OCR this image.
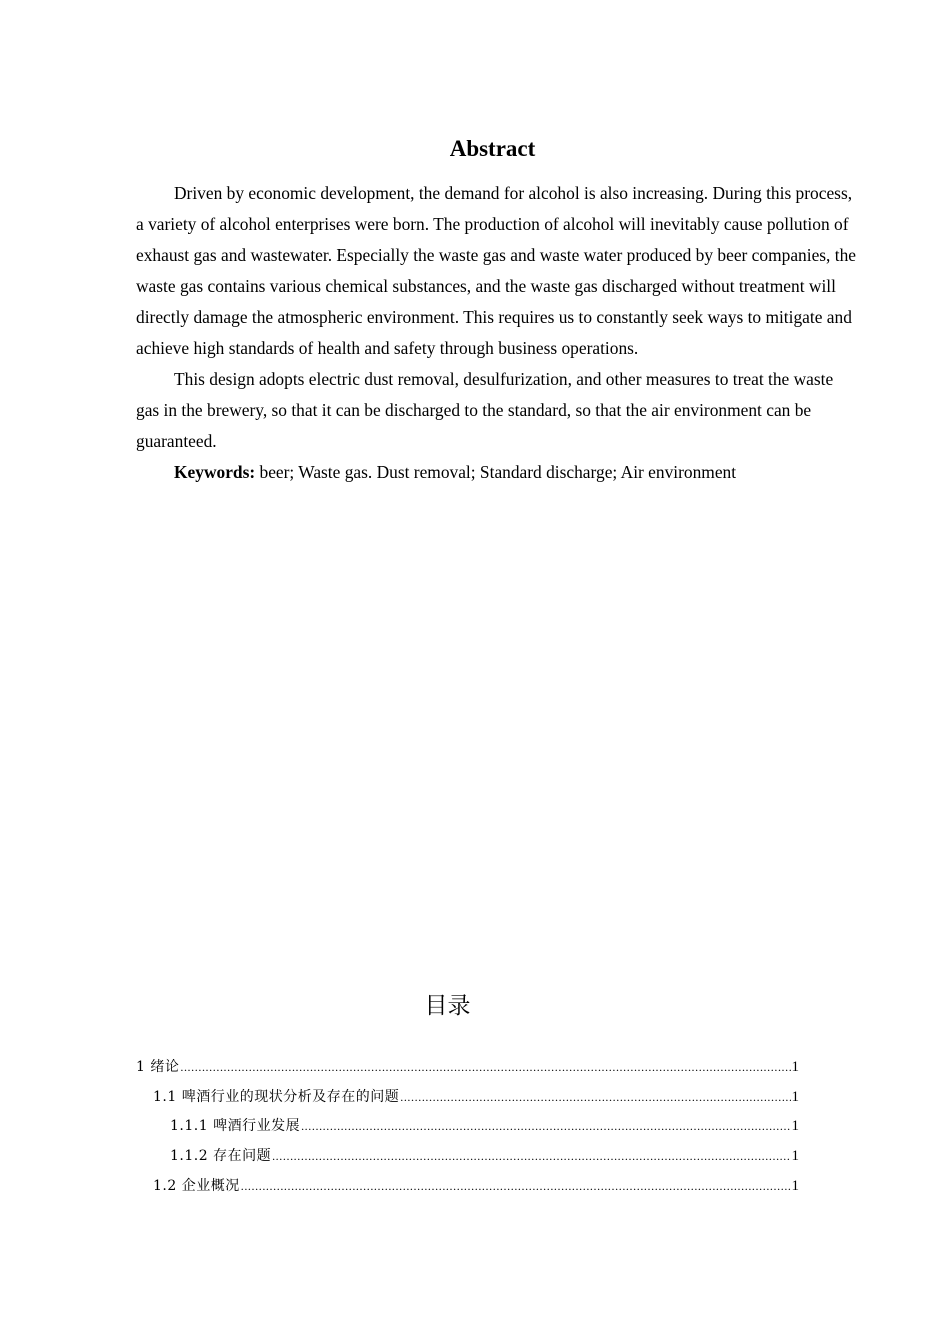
Abstract

Driven by economic development, the demand for alcohol is also increasing. During this process, a variety of alcohol enterprises were born. The production of alcohol will inevitably cause pollution of exhaust gas and wastewater. Especially the waste gas and waste water produced by beer companies, the waste gas contains various chemical substances, and the waste gas discharged without treatment will directly damage the atmospheric environment. This requires us to constantly seek ways to mitigate and achieve high standards of health and safety through business operations.

This design adopts electric dust removal, desulfurization, and other measures to treat the waste gas in the brewery, so that it can be discharged to the standard, so that the air environment can be guaranteed.

Keywords: beer; Waste gas. Dust removal; Standard discharge; Air environment

目录
1 绪论 .....	1
1.1 啤酒行业的现状分析及存在的问题 .....	1
1.1.1 啤酒行业发展 .....	1
1.1.2 存在问题 .....	1
1.2 企业概况 .....	1
